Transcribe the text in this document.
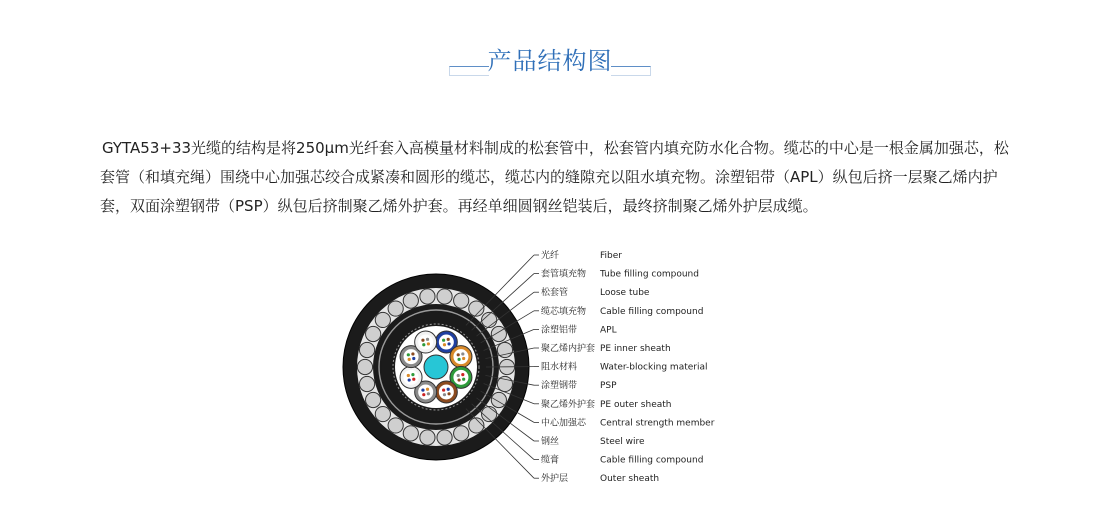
产品结构图
GYTA53+33光缆的结构是将250μm光纤套入高模量材料制成的松套管中，松套管内填充防水化合物。缆芯的中心是一根金属加强芯，松套管（和填充绳）围绕中心加强芯绞合成紧凑和圆形的缆芯，缆芯内的缝隙充以阻水填充物。涂塑铝带（APL）纵包后挤一层聚乙烯内护套，双面涂塑钢带（PSP）纵包后挤制聚乙烯外护套。再经单细圆钢丝铠装后，最终挤制聚乙烯外护层成缆。
光纤	Fiber
套管填充物 Tube filling compound
松套管	Loose tube
缆芯填充物 Cable filling compound
涂塑铝带	APL
聚乙烯内护套 PE inner sheath
阻水材料	Water-blocking material
涂塑钢带	PSP
聚乙烯外护套 PE outer sheath
中心加强芯 Central strength member
钢丝	Steel wire
缆膏	Cable filling compound
外护层	Outer sheath
